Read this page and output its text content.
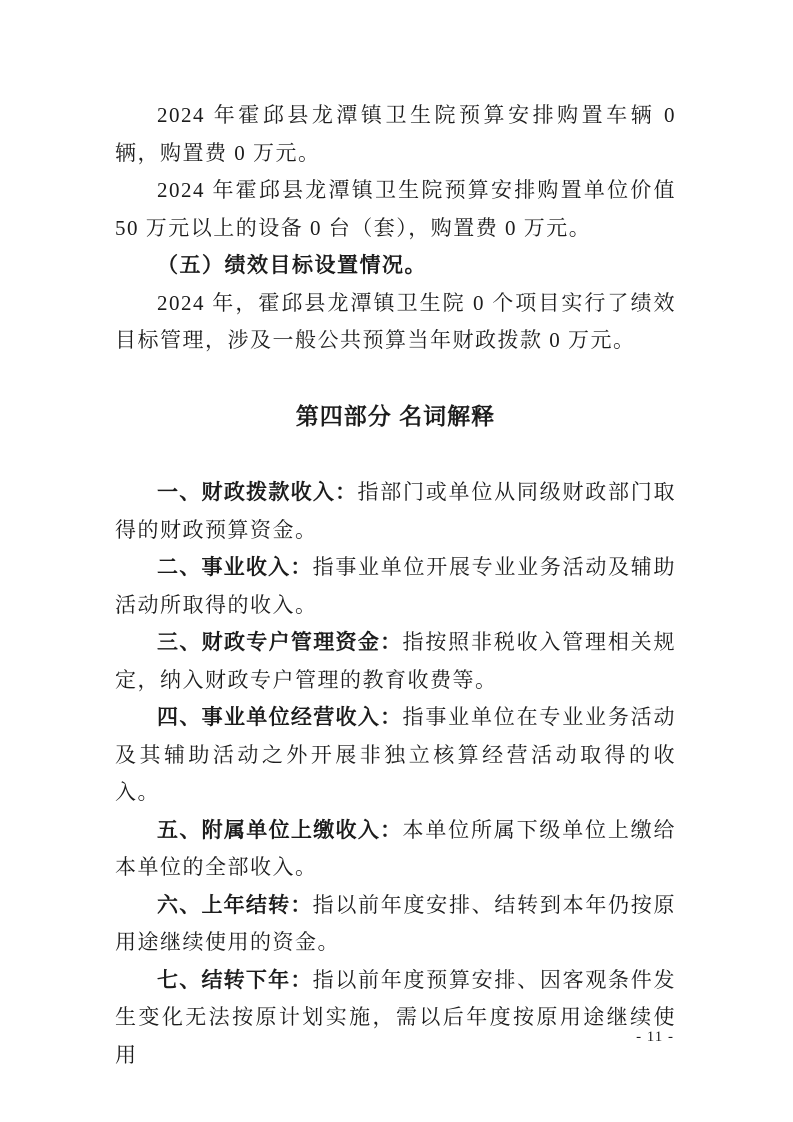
2024 年霍邱县龙潭镇卫生院预算安排购置车辆 0 辆，购置费 0 万元。

2024 年霍邱县龙潭镇卫生院预算安排购置单位价值 50 万元以上的设备 0 台（套），购置费 0 万元。

（五）绩效目标设置情况。

2024 年，霍邱县龙潭镇卫生院 0 个项目实行了绩效目标管理，涉及一般公共预算当年财政拨款 0 万元。

第四部分 名词解释

一、财政拨款收入：指部门或单位从同级财政部门取得的财政预算资金。

二、事业收入：指事业单位开展专业业务活动及辅助活动所取得的收入。

三、财政专户管理资金：指按照非税收入管理相关规定，纳入财政专户管理的教育收费等。

四、事业单位经营收入：指事业单位在专业业务活动及其辅助活动之外开展非独立核算经营活动取得的收入。

五、附属单位上缴收入：本单位所属下级单位上缴给本单位的全部收入。

六、上年结转：指以前年度安排、结转到本年仍按原用途继续使用的资金。

七、结转下年：指以前年度预算安排、因客观条件发生变化无法按原计划实施，需以后年度按原用途继续使用

- 11 -
